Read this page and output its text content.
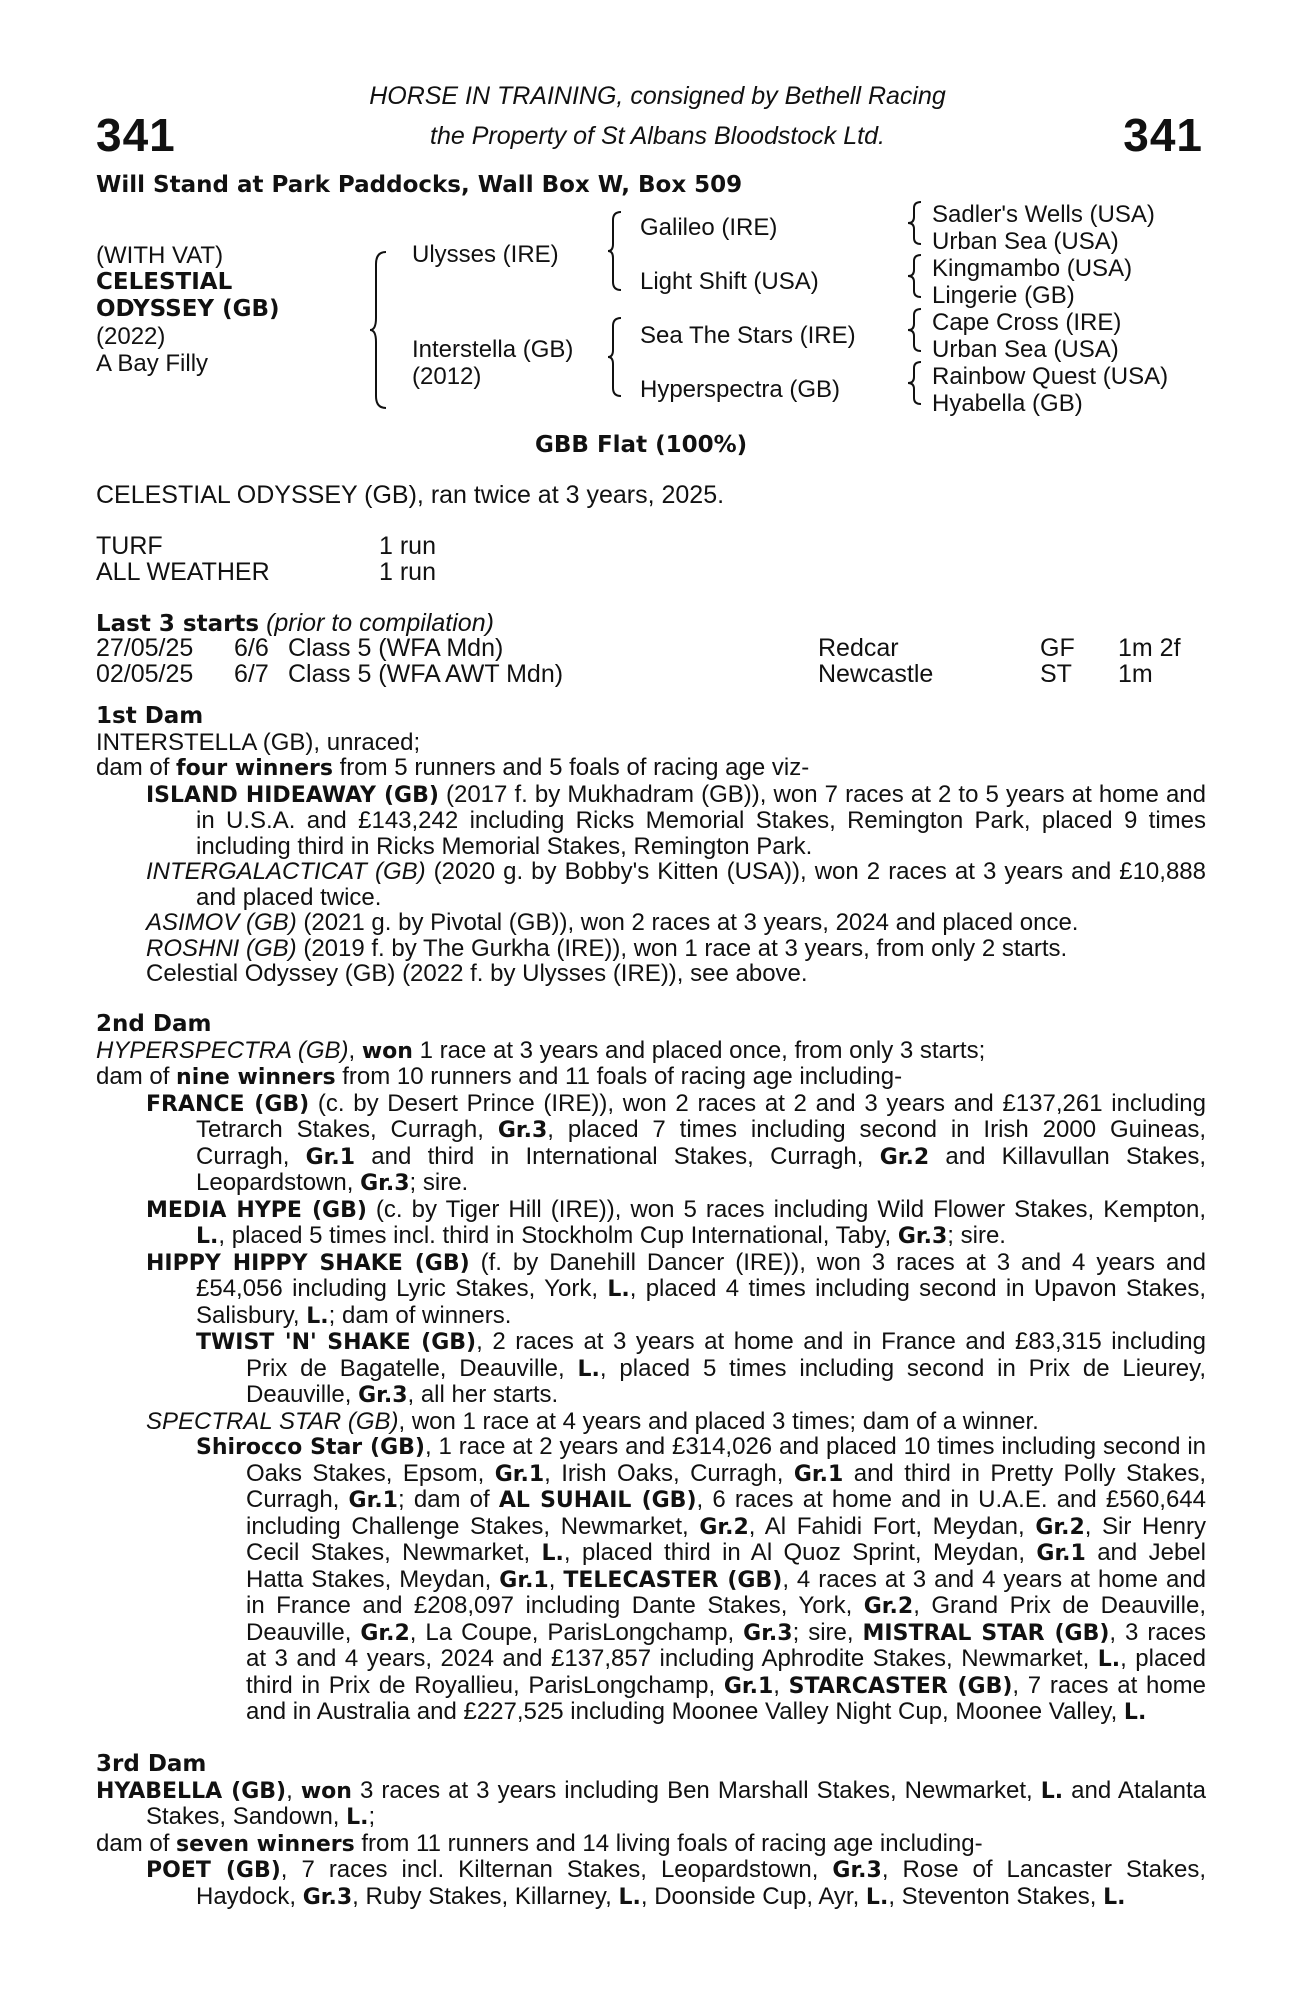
341	341
HORSE IN TRAINING, consigned by Bethell Racing
the Property of St Albans Bloodstock Ltd.
Will Stand at Park Paddocks, Wall Box W, Box 509
(WITH VAT)
CELESTIAL
ODYSSEY (GB)
(2022)
A Bay Filly
Ulysses (IRE)
Interstella (GB)
(2012)
Galileo (IRE)
Light Shift (USA)
Sea The Stars (IRE)
Hyperspectra (GB)
Sadler's Wells (USA)
Urban Sea (USA)
Kingmambo (USA)
Lingerie (GB)
Cape Cross (IRE)
Urban Sea (USA)
Rainbow Quest (USA)
Hyabella (GB)
GBB Flat (100%)
CELESTIAL ODYSSEY (GB), ran twice at 3 years, 2025.
TURF	1 run
ALL WEATHER	1 run
Last 3 starts (prior to compilation)
27/05/25 6/6 Class 5 (WFA Mdn)	Redcar	GF 1m 2f
02/05/25 6/7 Class 5 (WFA AWT Mdn)	Newcastle	ST 1m

1st Dam

INTERSTELLA (GB), unraced;

dam of four winners from 5 runners and 5 foals of racing age viz-

ISLAND HIDEAWAY (GB) (2017 f. by Mukhadram (GB)), won 7 races at 2 to 5 years at home and in U.S.A. and £143,242 including Ricks Memorial Stakes, Remington Park, placed 9 times including third in Ricks Memorial Stakes, Remington Park.

INTERGALACTICAT (GB) (2020 g. by Bobby's Kitten (USA)), won 2 races at 3 years and £10,888 and placed twice.

ASIMOV (GB) (2021 g. by Pivotal (GB)), won 2 races at 3 years, 2024 and placed once.

ROSHNI (GB) (2019 f. by The Gurkha (IRE)), won 1 race at 3 years, from only 2 starts.

Celestial Odyssey (GB) (2022 f. by Ulysses (IRE)), see above.

2nd Dam

HYPERSPECTRA (GB), won 1 race at 3 years and placed once, from only 3 starts;

dam of nine winners from 10 runners and 11 foals of racing age including-

FRANCE (GB) (c. by Desert Prince (IRE)), won 2 races at 2 and 3 years and £137,261 including Tetrarch Stakes, Curragh, Gr.3, placed 7 times including second in Irish 2000 Guineas, Curragh, Gr.1 and third in International Stakes, Curragh, Gr.2 and Killavullan Stakes, Leopardstown, Gr.3; sire.

MEDIA HYPE (GB) (c. by Tiger Hill (IRE)), won 5 races including Wild Flower Stakes, Kempton, L., placed 5 times incl. third in Stockholm Cup International, Taby, Gr.3; sire.

HIPPY HIPPY SHAKE (GB) (f. by Danehill Dancer (IRE)), won 3 races at 3 and 4 years and £54,056 including Lyric Stakes, York, L., placed 4 times including second in Upavon Stakes, Salisbury, L.; dam of winners.

TWIST 'N' SHAKE (GB), 2 races at 3 years at home and in France and £83,315 including Prix de Bagatelle, Deauville, L., placed 5 times including second in Prix de Lieurey, Deauville, Gr.3, all her starts.

SPECTRAL STAR (GB), won 1 race at 4 years and placed 3 times; dam of a winner.

Shirocco Star (GB), 1 race at 2 years and £314,026 and placed 10 times including second in Oaks Stakes, Epsom, Gr.1, Irish Oaks, Curragh, Gr.1 and third in Pretty Polly Stakes, Curragh, Gr.1; dam of AL SUHAIL (GB), 6 races at home and in U.A.E. and £560,644 including Challenge Stakes, Newmarket, Gr.2, Al Fahidi Fort, Meydan, Gr.2, Sir Henry Cecil Stakes, Newmarket, L., placed third in Al Quoz Sprint, Meydan, Gr.1 and Jebel Hatta Stakes, Meydan, Gr.1, TELECASTER (GB), 4 races at 3 and 4 years at home and in France and £208,097 including Dante Stakes, York, Gr.2, Grand Prix de Deauville, Deauville, Gr.2, La Coupe, ParisLongchamp, Gr.3; sire, MISTRAL STAR (GB), 3 races at 3 and 4 years, 2024 and £137,857 including Aphrodite Stakes, Newmarket, L., placed third in Prix de Royallieu, ParisLongchamp, Gr.1, STARCASTER (GB), 7 races at home and in Australia and £227,525 including Moonee Valley Night Cup, Moonee Valley, L.

3rd Dam

HYABELLA (GB), won 3 races at 3 years including Ben Marshall Stakes, Newmarket, L. and Atalanta Stakes, Sandown, L.;

dam of seven winners from 11 runners and 14 living foals of racing age including-

POET (GB), 7 races incl. Kilternan Stakes, Leopardstown, Gr.3, Rose of Lancaster Stakes, Haydock, Gr.3, Ruby Stakes, Killarney, L., Doonside Cup, Ayr, L., Steventon Stakes, L.
